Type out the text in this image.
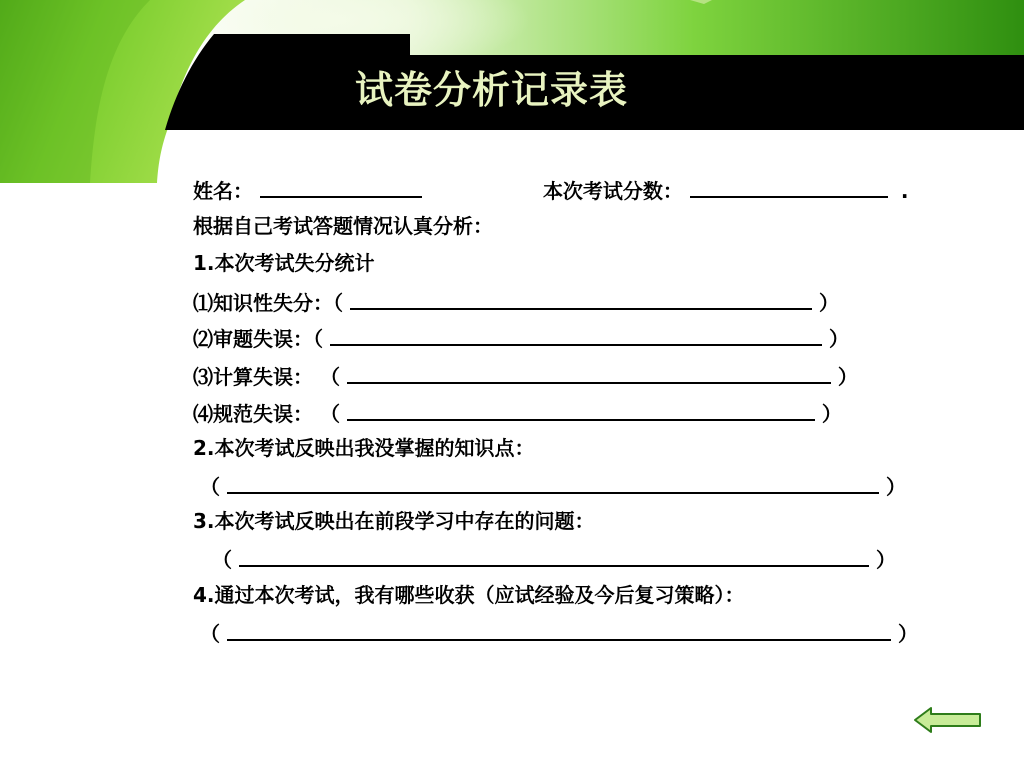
试卷分析记录表
姓名：	本次考试分数：	.
根据自己考试答题情况认真分析：
1.本次考试失分统计
⑴知识性失分：（	）
⑵审题失误：（	）
⑶计算失误： （	）
⑷规范失误： （	）
2.本次考试反映出我没掌握的知识点：
（	）
3.本次考试反映出在前段学习中存在的问题：
（	）
4.通过本次考试，我有哪些收获（应试经验及今后复习策略）：
（	）
